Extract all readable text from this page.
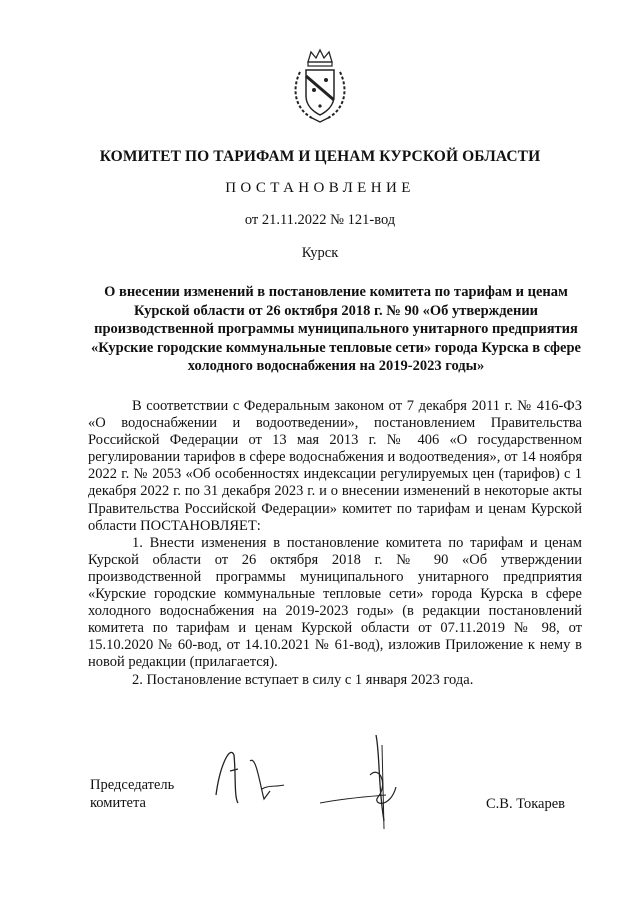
КОМИТЕТ ПО ТАРИФАМ И ЦЕНАМ КУРСКОЙ ОБЛАСТИ
ПОСТАНОВЛЕНИЕ
от 21.11.2022 № 121-вод
Курск
О внесении изменений в постановление комитета по тарифам и ценам Курской области от 26 октября 2018 г. № 90 «Об утверждении производственной программы муниципального унитарного предприятия «Курские городские коммунальные тепловые сети» города Курска в сфере холодного водоснабжения на 2019-2023 годы»

В соответствии с Федеральным законом от 7 декабря 2011 г. № 416-ФЗ «О водоснабжении и водоотведении», постановлением Правительства Российской Федерации от 13 мая 2013 г. № 406 «О государственном регулировании тарифов в сфере водоснабжения и водоотведения», от 14 ноября 2022 г. № 2053 «Об особенностях индексации регулируемых цен (тарифов) с 1 декабря 2022 г. по 31 декабря 2023 г. и о внесении изменений в некоторые акты Правительства Российской Федерации» комитет по тарифам и ценам Курской области ПОСТАНОВЛЯЕТ:

1. Внести изменения в постановление комитета по тарифам и ценам Курской области от 26 октября 2018 г. № 90 «Об утверждении производственной программы муниципального унитарного предприятия «Курские городские коммунальные тепловые сети» города Курска в сфере холодного водоснабжения на 2019-2023 годы» (в редакции постановлений комитета по тарифам и ценам Курской области от 07.11.2019 № 98, от 15.10.2020 № 60-вод, от 14.10.2021 № 61-вод), изложив Приложение к нему в новой редакции (прилагается).

2. Постановление вступает в силу с 1 января 2023 года.

Председатель
комитета	С.В. Токарев
